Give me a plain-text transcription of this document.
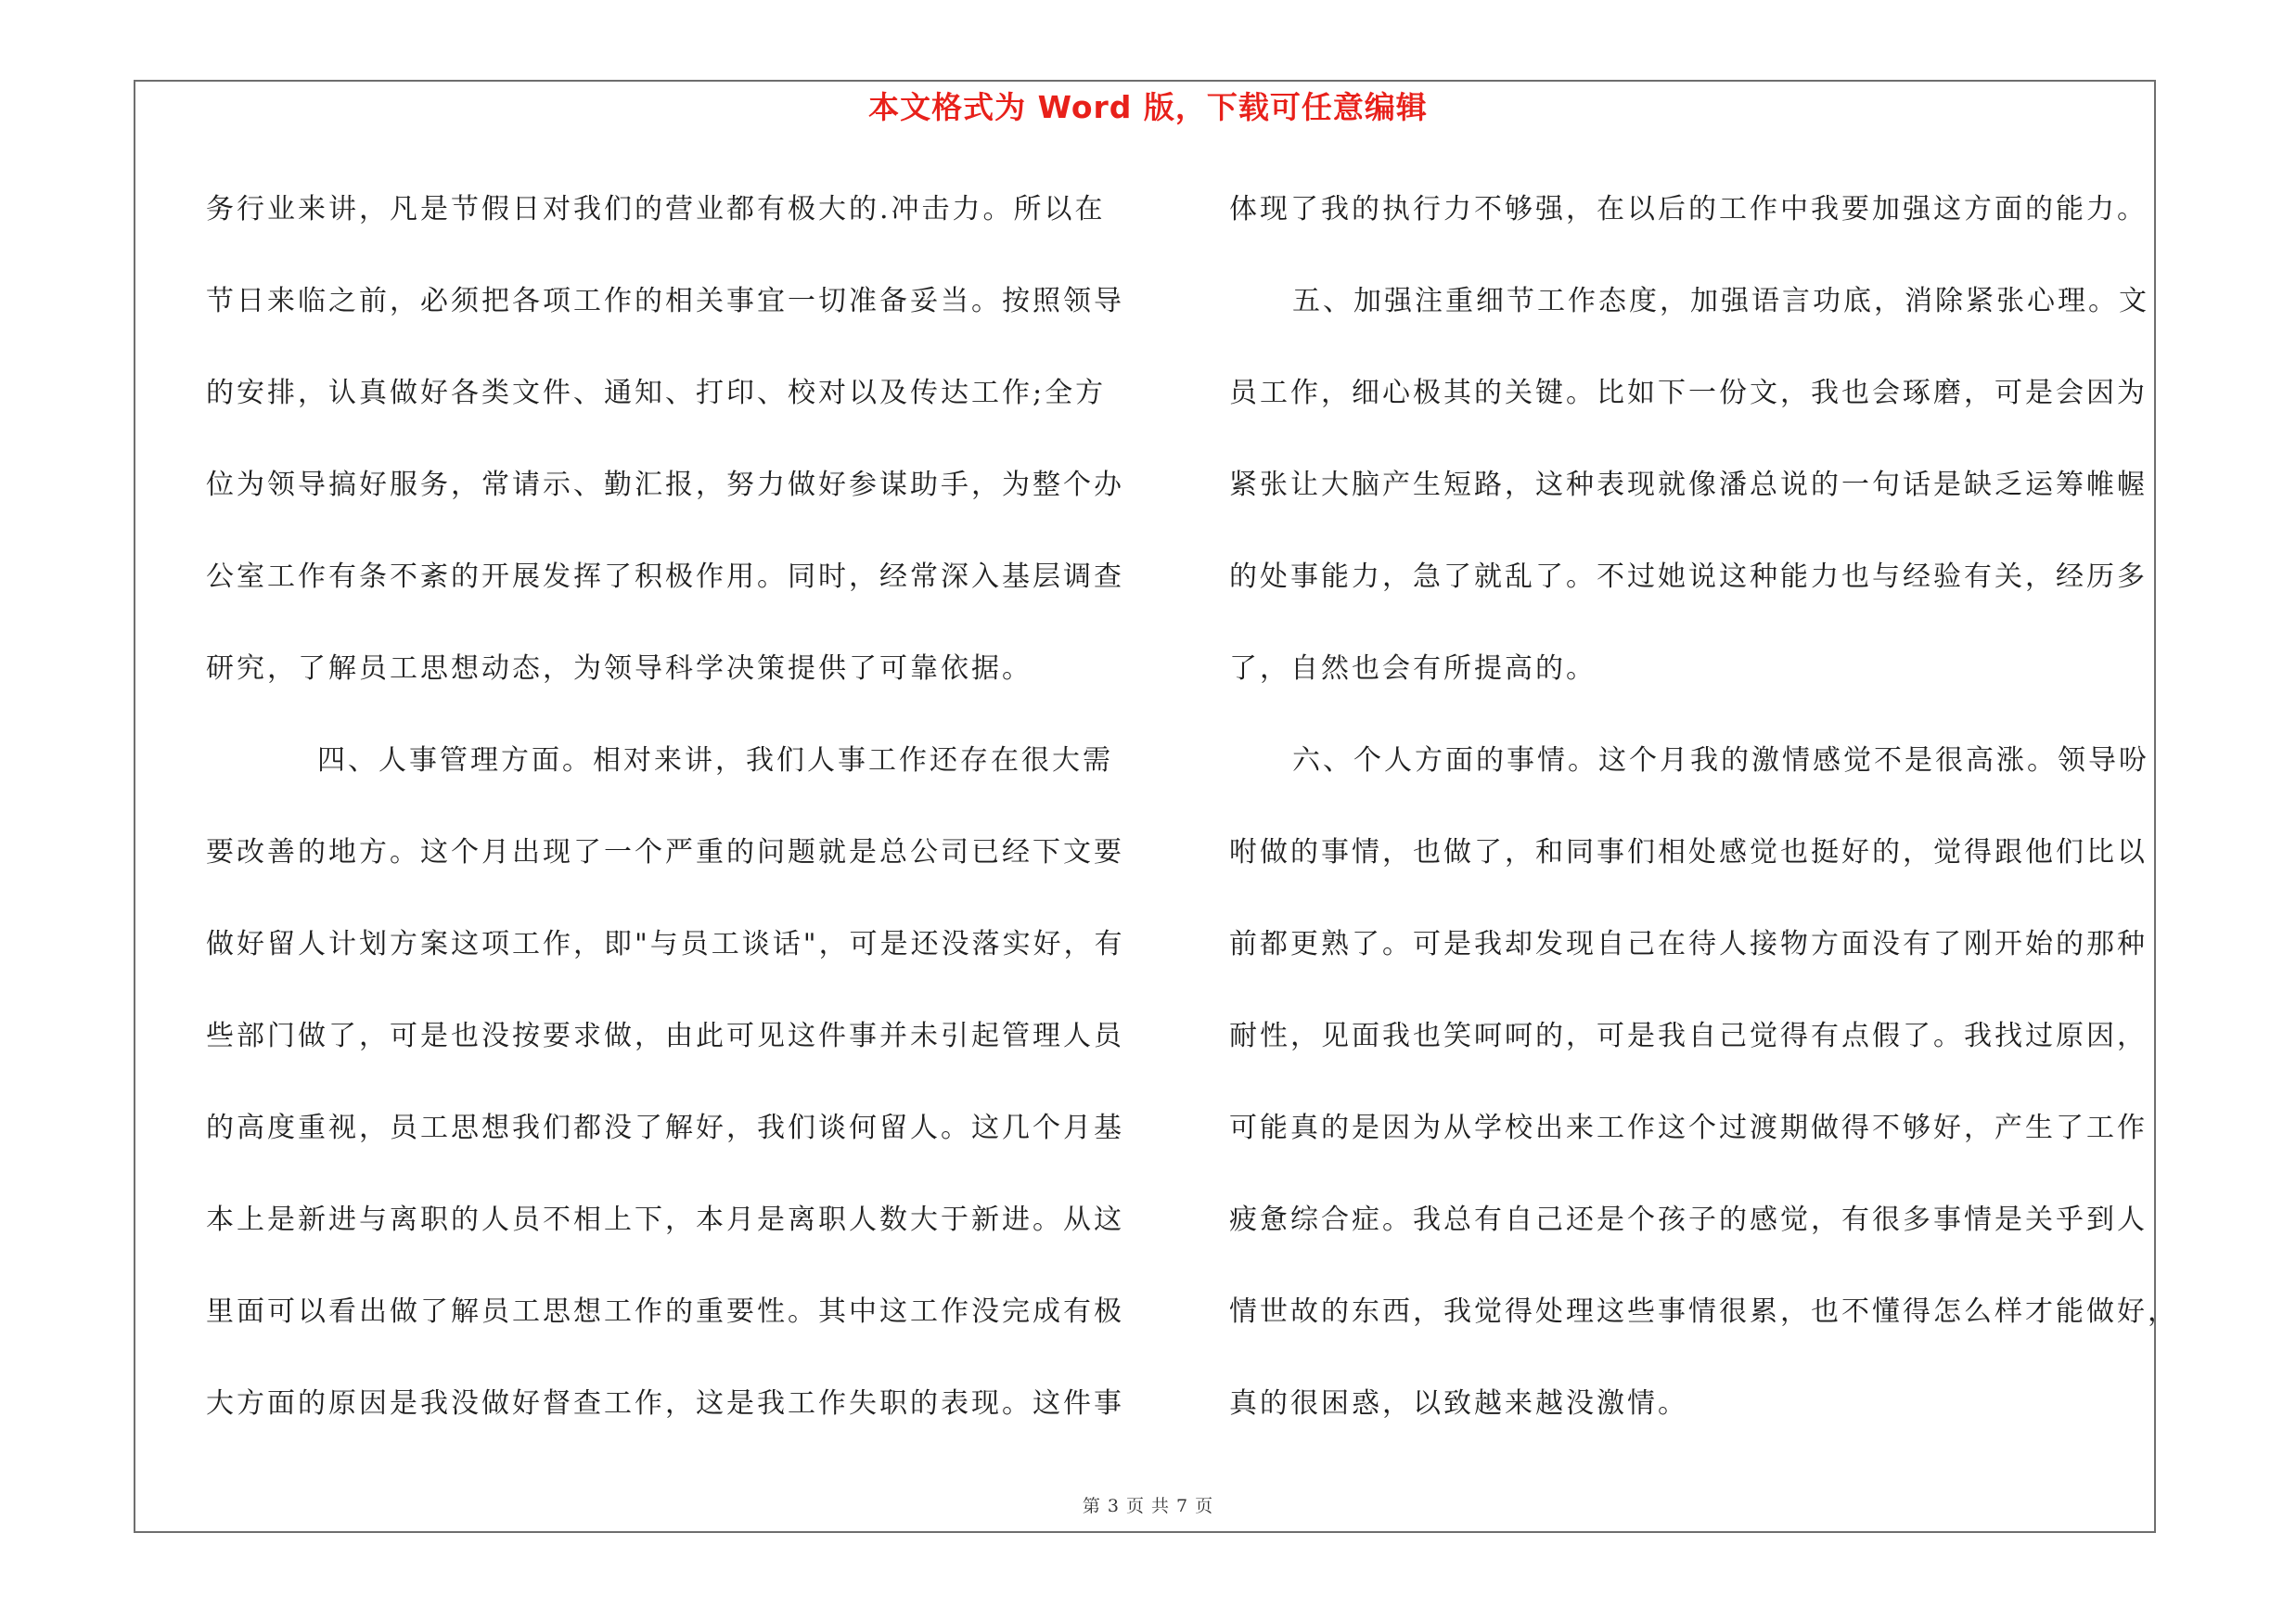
本文格式为 Word 版，下载可任意编辑
务行业来讲，凡是节假日对我们的营业都有极大的.冲击力。所以在
节日来临之前，必须把各项工作的相关事宜一切准备妥当。按照领导
的安排，认真做好各类文件、通知、打印、校对以及传达工作;全方
位为领导搞好服务，常请示、勤汇报，努力做好参谋助手，为整个办
公室工作有条不紊的开展发挥了积极作用。同时，经常深入基层调查
研究，了解员工思想动态，为领导科学决策提供了可靠依据。
四、人事管理方面。相对来讲，我们人事工作还存在很大需
要改善的地方。这个月出现了一个严重的问题就是总公司已经下文要
做好留人计划方案这项工作，即"与员工谈话"，可是还没落实好，有
些部门做了，可是也没按要求做，由此可见这件事并未引起管理人员
的高度重视，员工思想我们都没了解好，我们谈何留人。这几个月基
本上是新进与离职的人员不相上下，本月是离职人数大于新进。从这
里面可以看出做了解员工思想工作的重要性。其中这工作没完成有极
大方面的原因是我没做好督查工作，这是我工作失职的表现。这件事
体现了我的执行力不够强，在以后的工作中我要加强这方面的能力。
五、加强注重细节工作态度，加强语言功底，消除紧张心理。文
员工作，细心极其的关键。比如下一份文，我也会琢磨，可是会因为
紧张让大脑产生短路，这种表现就像潘总说的一句话是缺乏运筹帷幄
的处事能力，急了就乱了。不过她说这种能力也与经验有关，经历多
了，自然也会有所提高的。
六、个人方面的事情。这个月我的激情感觉不是很高涨。领导吩
咐做的事情，也做了，和同事们相处感觉也挺好的，觉得跟他们比以
前都更熟了。可是我却发现自己在待人接物方面没有了刚开始的那种
耐性，见面我也笑呵呵的，可是我自己觉得有点假了。我找过原因，
可能真的是因为从学校出来工作这个过渡期做得不够好，产生了工作
疲惫综合症。我总有自己还是个孩子的感觉，有很多事情是关乎到人
情世故的东西，我觉得处理这些事情很累，也不懂得怎么样才能做好，
真的很困惑，以致越来越没激情。
第 3 页 共 7 页
